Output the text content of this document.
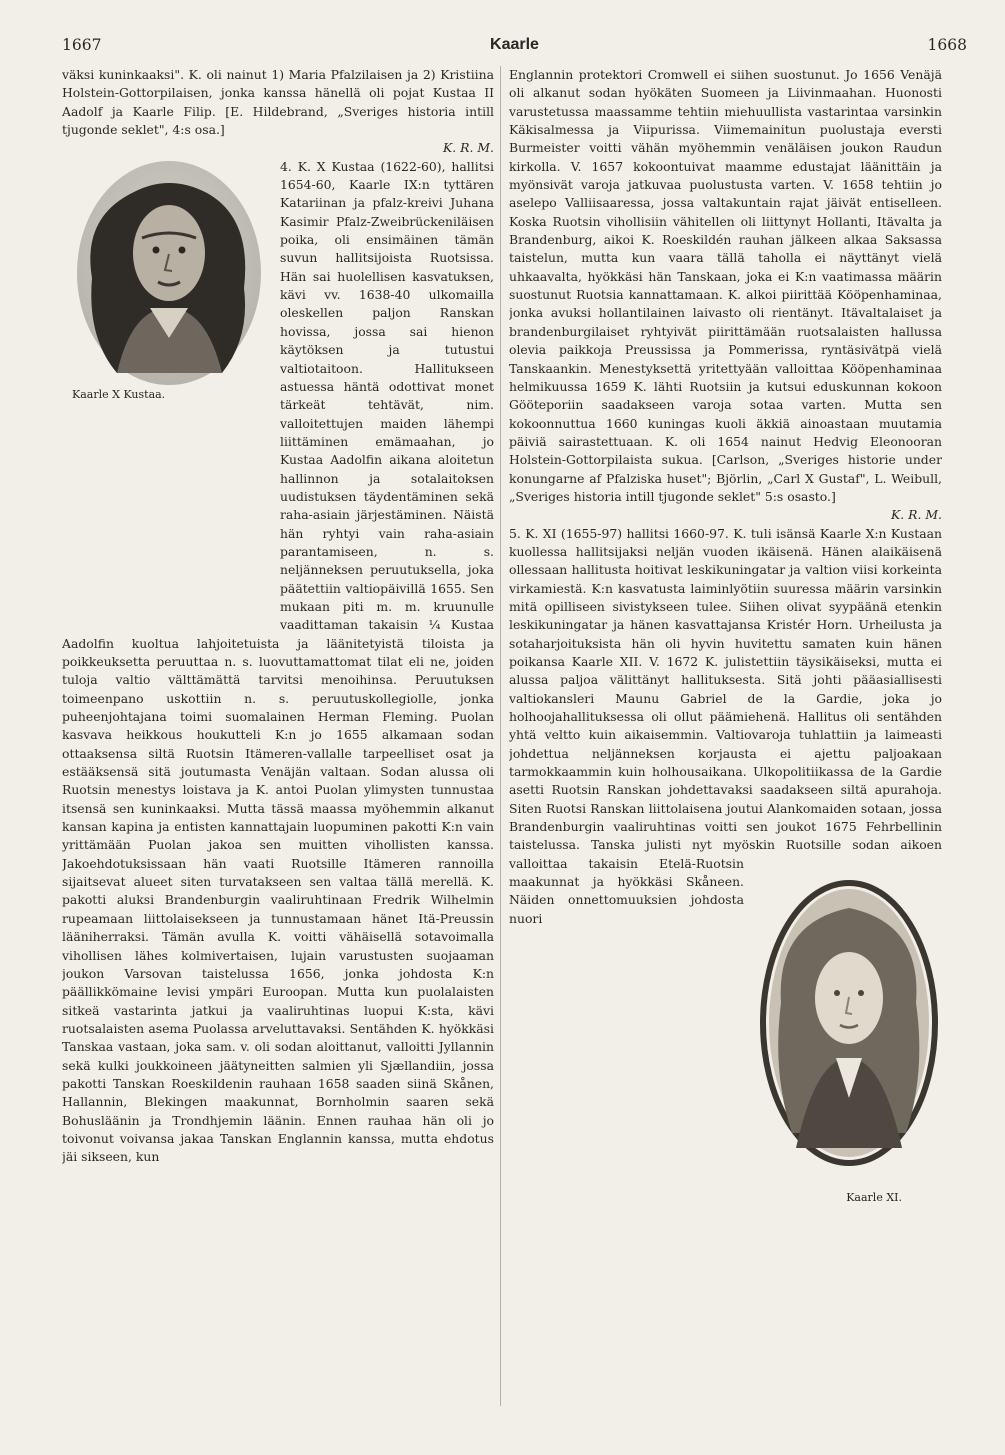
1667	Kaarle	1668

väksi kuninkaaksi". K. oli nainut 1) Maria Pfalzilaisen ja 2) Kristiina Holstein-Gottorpilaisen, jonka kanssa hänellä oli pojat Kustaa II Aadolf ja Kaarle Filip. [E. Hildebrand, „Sveriges historia intill tjugonde seklet", 4:s osa.]

K. R. M.

Kaarle X Kustaa.

4. K. X Kustaa (1622-60), hallitsi 1654-60, Kaarle IX:n tyttären Katariinan ja pfalz-kreivi Juhana Kasimir Pfalz-Zweibrückeniläisen poika, oli ensimäinen tämän suvun hallitsijoista Ruotsissa. Hän sai huolellisen kasvatuksen, kävi vv. 1638-40 ulkomailla oleskellen paljon Ranskan hovissa, jossa sai hienon käytöksen ja tutustui valtiotaitoon. Hallitukseen astuessa häntä odottivat monet tärkeät tehtävät, nim. valloitettujen maiden lähempi liittäminen emämaahan, jo Kustaa Aadolfin aikana aloitetun hallinnon ja sotalaitoksen uudistuksen täydentäminen sekä raha-asiain järjestäminen. Näistä hän ryhtyi vain raha-asiain parantamiseen, n. s. neljänneksen peruutuksella, joka päätettiin valtiopäivillä 1655. Sen mukaan piti m. m. kruunulle vaadittaman takaisin ¼ Kustaa Aadolfin kuoltua lahjoitetuista ja läänitetyistä tiloista ja poikkeuksetta peruuttaa n. s. luovuttamattomat tilat eli ne, joiden tuloja valtio välttämättä tarvitsi menoihinsa. Peruutuksen toimeenpano uskottiin n. s. peruutuskollegiolle, jonka puheenjohtajana toimi suomalainen Herman Fleming. Puolan kasvava heikkous houkutteli K:n jo 1655 alkamaan sodan ottaaksensa siltä Ruotsin Itämeren-vallalle tarpeelliset osat ja estääksensä sitä joutumasta Venäjän valtaan. Sodan alussa oli Ruotsin menestys loistava ja K. antoi Puolan ylimysten tunnustaa itsensä sen kuninkaaksi. Mutta tässä maassa myöhemmin alkanut kansan kapina ja entisten kannattajain luopuminen pakotti K:n vain yrittämään Puolan jakoa sen muitten vihollisten kanssa. Jakoehdotuksissaan hän vaati Ruotsille Itämeren rannoilla sijaitsevat alueet siten turvatakseen sen valtaa tällä merellä. K. pakotti aluksi Brandenburgin vaaliruhtinaan Fredrik Wilhelmin rupeamaan liittolaisekseen ja tunnustamaan hänet Itä-Preussin lääniherraksi. Tämän avulla K. voitti vähäisellä sotavoimalla vihollisen lähes kolmivertaisen, lujain varustusten suojaaman joukon Varsovan taistelussa 1656, jonka johdosta K:n päällikkömaine levisi ympäri Euroopan. Mutta kun puolalaisten sitkeä vastarinta jatkui ja vaaliruhtinas luopui K:sta, kävi ruotsalaisten asema Puolassa arveluttavaksi. Sentähden K. hyökkäsi Tanskaa vastaan, joka sam. v. oli sodan aloittanut, valloitti Jyllannin sekä kulki joukkoineen jäätyneitten salmien yli Sjællandiin, jossa pakotti Tanskan Roeskildenin rauhaan 1658 saaden siinä Skånen, Hallannin, Blekingen maakunnat, Bornholmin saaren sekä Bohusläänin ja Trondhjemin läänin. Ennen rauhaa hän oli jo toivonut voivansa jakaa Tanskan Englannin kanssa, mutta ehdotus jäi sikseen, kun

Englannin protektori Cromwell ei siihen suostunut. Jo 1656 Venäjä oli alkanut sodan hyökäten Suomeen ja Liivinmaahan. Huonosti varustetussa maassamme tehtiin miehuullista vastarintaa varsinkin Käkisalmessa ja Viipurissa. Viimemainitun puolustaja eversti Burmeister voitti vähän myöhemmin venäläisen joukon Raudun kirkolla. V. 1657 kokoontuivat maamme edustajat läänittäin ja myönsivät varoja jatkuvaa puolustusta varten. V. 1658 tehtiin jo aselepo Valliisaaressa, jossa valtakuntain rajat jäivät entiselleen. Koska Ruotsin vihollisiin vähitellen oli liittynyt Hollanti, Itävalta ja Brandenburg, aikoi K. Roeskildén rauhan jälkeen alkaa Saksassa taistelun, mutta kun vaara tällä taholla ei näyttänyt vielä uhkaavalta, hyökkäsi hän Tanskaan, joka ei K:n vaatimassa määrin suostunut Ruotsia kannattamaan. K. alkoi piirittää Kööpenhaminaa, jonka avuksi hollantilainen laivasto oli rientänyt. Itävaltalaiset ja brandenburgilaiset ryhtyivät piirittämään ruotsalaisten hallussa olevia paikkoja Preussissa ja Pommerissa, ryntäsivätpä vielä Tanskaankin. Menestyksettä yritettyään valloittaa Kööpenhaminaa helmikuussa 1659 K. lähti Ruotsiin ja kutsui eduskunnan kokoon Gööteporiin saadakseen varoja sotaa varten. Mutta sen kokoonnuttua 1660 kuningas kuoli äkkiä ainoastaan muutamia päiviä sairastettuaan. K. oli 1654 nainut Hedvig Eleonooran Holstein-Gottorpilaista sukua. [Carlson, „Sveriges historie under konungarne af Pfalziska huset"; Björlin, „Carl X Gustaf", L. Weibull, „Sveriges historia intill tjugonde seklet" 5:s osasto.]

K. R. M.

Kaarle XI.

5. K. XI (1655-97) hallitsi 1660-97. K. tuli isänsä Kaarle X:n Kustaan kuollessa hallitsijaksi neljän vuoden ikäisenä. Hänen alaikäisenä ollessaan hallitusta hoitivat leskikuningatar ja valtion viisi korkeinta virkamiestä. K:n kasvatusta laiminlyötiin suuressa määrin varsinkin mitä opilliseen sivistykseen tulee. Siihen olivat syypäänä etenkin leskikuningatar ja hänen kasvattajansa Kristér Horn. Urheilusta ja sotaharjoituksista hän oli hyvin huvitettu samaten kuin hänen poikansa Kaarle XII. V. 1672 K. julistettiin täysikäiseksi, mutta ei alussa paljoa välittänyt hallituksesta. Sitä johti pääasiallisesti valtiokansleri Maunu Gabriel de la Gardie, joka jo holhoojahallituksessa oli ollut päämiehenä. Hallitus oli sentähden yhtä veltto kuin aikaisemmin. Valtiovaroja tuhlattiin ja laimeasti johdettua neljänneksen korjausta ei ajettu paljoakaan tarmokkaammin kuin holhousaikana. Ulkopolitiikassa de la Gardie asetti Ruotsin Ranskan johdettavaksi saadakseen siltä apurahoja. Siten Ruotsi Ranskan liittolaisena joutui Alankomaiden sotaan, jossa Brandenburgin vaaliruhtinas voitti sen joukot 1675 Fehrbellinin taistelussa. Tanska julisti nyt myöskin Ruotsille sodan aikoen valloittaa takaisin Etelä-Ruotsin maakunnat ja hyökkäsi Skåneen. Näiden onnettomuuksien johdosta nuori
